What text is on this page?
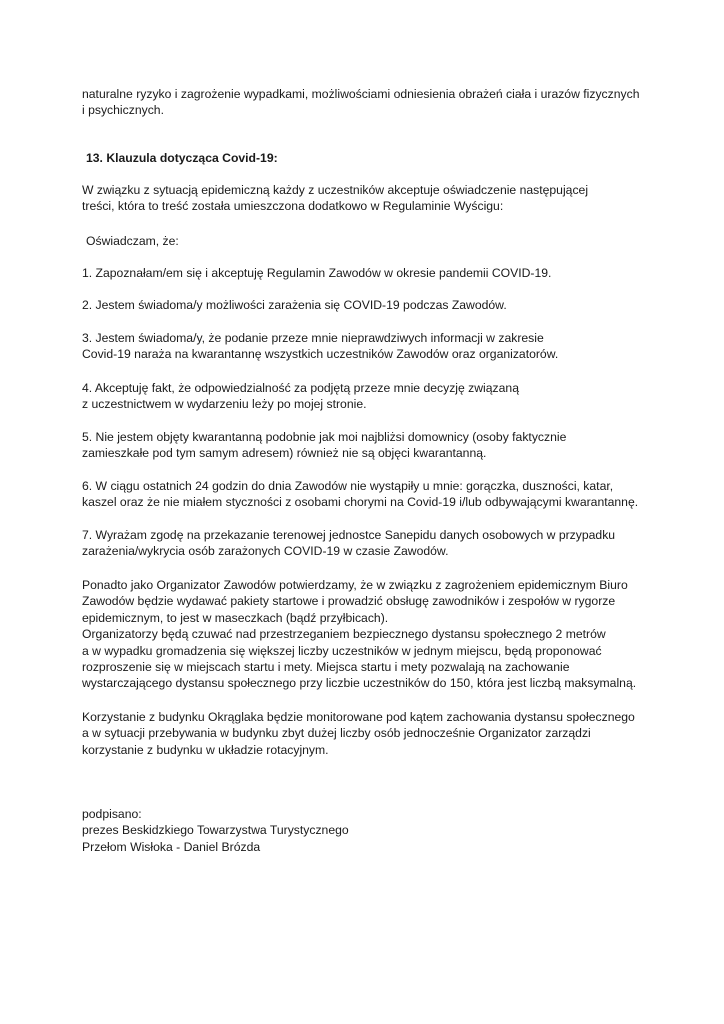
naturalne ryzyko i zagrożenie wypadkami, możliwościami odniesienia obrażeń ciała i urazów fizycznych
i psychicznych.

13. Klauzula dotycząca Covid-19:

W związku z sytuacją epidemiczną każdy z uczestników akceptuje oświadczenie następującej
treści, która to treść została umieszczona dodatkowo w Regulaminie Wyścigu:

Oświadczam, że:

1. Zapoznałam/em się i akceptuję Regulamin Zawodów w okresie pandemii COVID-19.

2. Jestem świadoma/y możliwości zarażenia się COVID-19 podczas Zawodów.

3. Jestem świadoma/y, że podanie przeze mnie nieprawdziwych informacji w zakresie
Covid-19 naraża na kwarantannę wszystkich uczestników Zawodów oraz organizatorów.

4. Akceptuję fakt, że odpowiedzialność za podjętą przeze mnie decyzję związaną
z uczestnictwem w wydarzeniu leży po mojej stronie.

5. Nie jestem objęty kwarantanną podobnie jak moi najbliżsi domownicy (osoby faktycznie
zamieszkałe pod tym samym adresem) również nie są objęci kwarantanną.

6. W ciągu ostatnich 24 godzin do dnia Zawodów nie wystąpiły u mnie: gorączka, duszności, katar,
kaszel oraz że nie miałem styczności z osobami chorymi na Covid-19 i/lub odbywającymi kwarantannę.

7. Wyrażam zgodę na przekazanie terenowej jednostce Sanepidu danych osobowych w przypadku
zarażenia/wykrycia osób zarażonych COVID-19 w czasie Zawodów.

Ponadto jako Organizator Zawodów potwierdzamy, że w związku z zagrożeniem epidemicznym Biuro
Zawodów będzie wydawać pakiety startowe i prowadzić obsługę zawodników i zespołów w rygorze
epidemicznym, to jest w maseczkach (bądź przyłbicach).
Organizatorzy będą czuwać nad przestrzeganiem bezpiecznego dystansu społecznego 2 metrów
a w wypadku gromadzenia się większej liczby uczestników w jednym miejscu, będą proponować
rozproszenie się w miejscach startu i mety. Miejsca startu i mety pozwalają na zachowanie
wystarczającego dystansu społecznego przy liczbie uczestników do 150, która jest liczbą maksymalną.

Korzystanie z budynku Okrąglaka będzie monitorowane pod kątem zachowania dystansu społecznego
a w sytuacji przebywania w budynku zbyt dużej liczby osób jednocześnie Organizator zarządzi
korzystanie z budynku w układzie rotacyjnym.

podpisano:
prezes Beskidzkiego Towarzystwa Turystycznego
Przełom Wisłoka - Daniel Brózda
